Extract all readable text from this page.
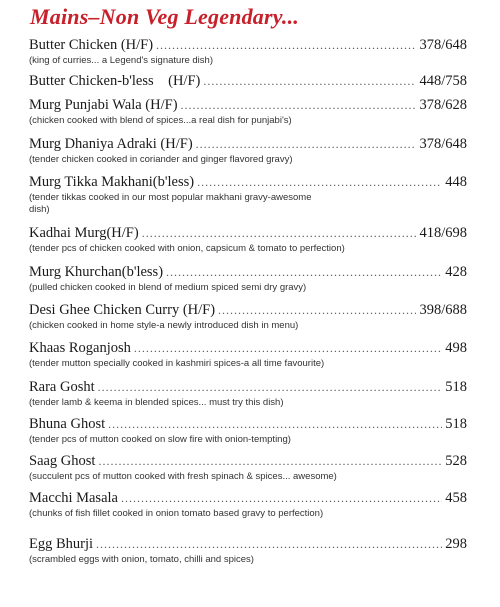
Mains–Non Veg Legendary...
Butter Chicken (H/F) .....	378/648
(king of curries... a Legend's signature dish)
Butter Chicken-b'less    (H/F) .....	448/758
Murg Punjabi Wala (H/F) .....	378/628
(chicken cooked with blend of spices...a real dish for punjabi's)
Murg Dhaniya Adraki (H/F) .....	378/648
(tender chicken cooked in coriander and ginger flavored gravy)
Murg Tikka Makhani(b'less) .....	448
(tender tikkas cooked in our most popular makhani gravy-awesome dish)
Kadhai Murg(H/F) .....	418/698
(tender pcs of chicken cooked with onion, capsicum & tomato to perfection)
Murg Khurchan(b'less) .....	428
(pulled chicken cooked in blend of medium spiced semi dry gravy)
Desi Ghee Chicken Curry (H/F) .....	398/688
(chicken cooked in home style-a newly introduced dish in menu)
Khaas Roganjosh .....	498
(tender mutton specially cooked in kashmiri spices-a all time favourite)
Rara Gosht .....	518
(tender lamb & keema in blended spices... must try this dish)
Bhuna Ghost .....	518
(tender pcs of mutton cooked on slow fire with onion-tempting)
Saag Ghost .....	528
(succulent pcs of mutton cooked with fresh spinach & spices... awesome)
Macchi Masala .....	458
(chunks of fish fillet cooked in onion tomato based gravy to perfection)
Egg Bhurji .....	298
(scrambled eggs with onion, tomato, chilli and spices)
